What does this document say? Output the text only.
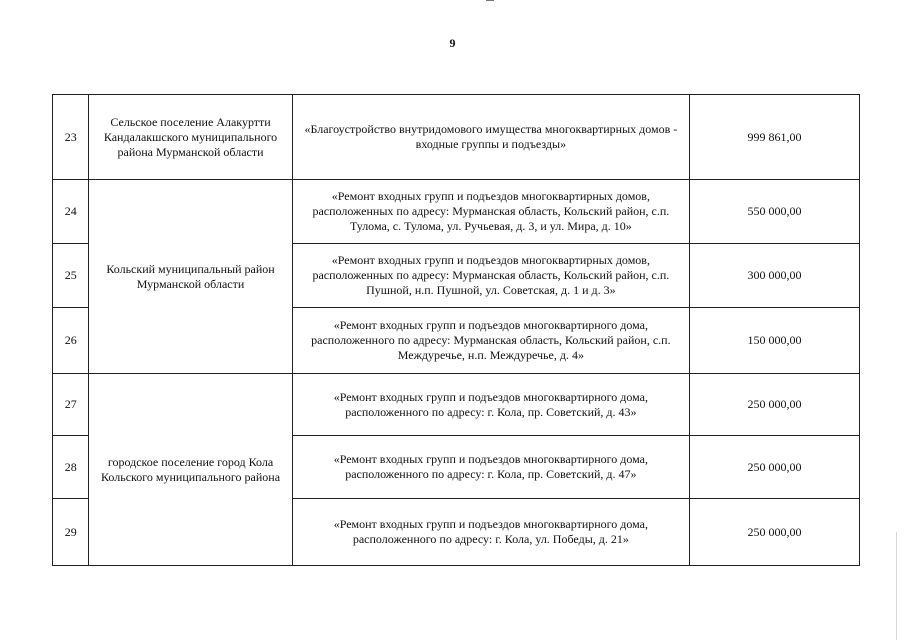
9
23	Сельское поселение Алакуртти Кандалакшского муниципального района Мурманской области	«Благоустройство внутридомового имущества многоквартирных домов - входные группы и подъезды»	999 861,00
24	Кольский муниципальный район Мурманской области	«Ремонт входных групп и подъездов многоквартирных домов, расположенных по адресу: Мурманская область, Кольский район, с.п. Тулома, с. Тулома, ул. Ручьевая, д. 3, и ул. Мира, д. 10»	550 000,00
25		«Ремонт входных групп и подъездов многоквартирных домов, расположенных по адресу: Мурманская область, Кольский район, с.п. Пушной, н.п. Пушной, ул. Советская, д. 1 и д. 3»	300 000,00
26		«Ремонт входных групп и подъездов многоквартирного дома, расположенного по адресу: Мурманская область, Кольский район, с.п. Междуречье, н.п. Междуречье, д. 4»	150 000,00
27	городское поселение город Кола Кольского муниципального района	«Ремонт входных групп и подъездов многоквартирного дома, расположенного по адресу: г. Кола, пр. Советский, д. 43»	250 000,00
28		«Ремонт входных групп и подъездов многоквартирного дома, расположенного по адресу: г. Кола, пр. Советский, д. 47»	250 000,00
29		«Ремонт входных групп и подъездов многоквартирного дома, расположенного по адресу: г. Кола, ул. Победы, д. 21»	250 000,00
